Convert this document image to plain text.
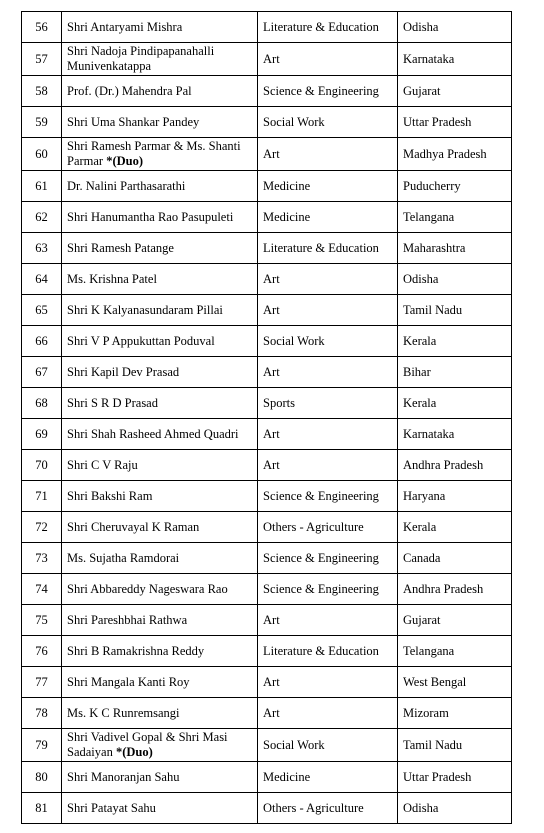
56	Shri Antaryami Mishra	Literature & Education	Odisha
57	Shri Nadoja Pindipapanahalli Munivenkatappa	Art	Karnataka
58	Prof. (Dr.) Mahendra Pal	Science & Engineering	Gujarat
59	Shri Uma Shankar Pandey	Social Work	Uttar Pradesh
60	Shri Ramesh Parmar & Ms. Shanti Parmar *(Duo)	Art	Madhya Pradesh
61	Dr. Nalini Parthasarathi	Medicine	Puducherry
62	Shri Hanumantha Rao Pasupuleti	Medicine	Telangana
63	Shri Ramesh Patange	Literature & Education	Maharashtra
64	Ms. Krishna Patel	Art	Odisha
65	Shri K Kalyanasundaram Pillai	Art	Tamil Nadu
66	Shri V P Appukuttan Poduval	Social Work	Kerala
67	Shri Kapil Dev Prasad	Art	Bihar
68	Shri S R D Prasad	Sports	Kerala
69	Shri Shah Rasheed Ahmed Quadri	Art	Karnataka
70	Shri C V Raju	Art	Andhra Pradesh
71	Shri Bakshi Ram	Science & Engineering	Haryana
72	Shri Cheruvayal K Raman	Others - Agriculture	Kerala
73	Ms. Sujatha Ramdorai	Science & Engineering	Canada
74	Shri Abbareddy Nageswara Rao	Science & Engineering	Andhra Pradesh
75	Shri Pareshbhai Rathwa	Art	Gujarat
76	Shri B Ramakrishna Reddy	Literature & Education	Telangana
77	Shri Mangala Kanti Roy	Art	West Bengal
78	Ms. K C Runremsangi	Art	Mizoram
79	Shri Vadivel Gopal & Shri Masi Sadaiyan *(Duo)	Social Work	Tamil Nadu
80	Shri Manoranjan Sahu	Medicine	Uttar Pradesh
81	Shri Patayat Sahu	Others - Agriculture	Odisha
